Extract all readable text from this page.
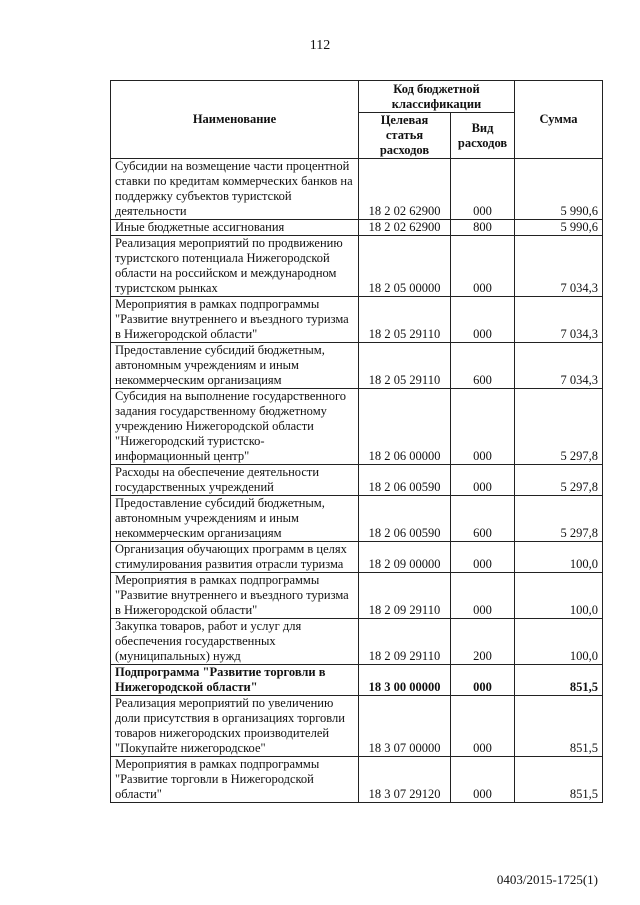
112
Наименование	Код бюджетной классификации		Сумма
	Целевая статья расходов	Вид расходов	
Субсидии на возмещение части процентной ставки по кредитам коммерческих банков на поддержку субъектов туристской деятельности	18 2 02 62900	000	5 990,6
Иные бюджетные ассигнования	18 2 02 62900	800	5 990,6
Реализация мероприятий по продвижению туристского потенциала Нижегородской области на российском и международном туристском рынках	18 2 05 00000	000	7 034,3
Мероприятия в рамках подпрограммы "Развитие внутреннего и въездного туризма в Нижегородской области"	18 2 05 29110	000	7 034,3
Предоставление субсидий бюджетным, автономным учреждениям и иным некоммерческим организациям	18 2 05 29110	600	7 034,3
Субсидия на выполнение государственного задания государственному бюджетному учреждению Нижегородской области "Нижегородский туристско-информационный центр"	18 2 06 00000	000	5 297,8
Расходы на обеспечение деятельности государственных учреждений	18 2 06 00590	000	5 297,8
Предоставление субсидий бюджетным, автономным учреждениям и иным некоммерческим организациям	18 2 06 00590	600	5 297,8
Организация обучающих программ в целях стимулирования развития отрасли туризма	18 2 09 00000	000	100,0
Мероприятия в рамках подпрограммы "Развитие внутреннего и въездного туризма в Нижегородской области"	18 2 09 29110	000	100,0
Закупка товаров, работ и услуг для обеспечения государственных (муниципальных) нужд	18 2 09 29110	200	100,0
Подпрограмма "Развитие торговли в Нижегородской области"	18 3 00 00000	000	851,5
Реализация мероприятий по увеличению доли присутствия в организациях торговли товаров нижегородских производителей "Покупайте нижегородское"	18 3 07 00000	000	851,5
Мероприятия в рамках подпрограммы "Развитие торговли в Нижегородской области"	18 3 07 29120	000	851,5
0403/2015-1725(1)
